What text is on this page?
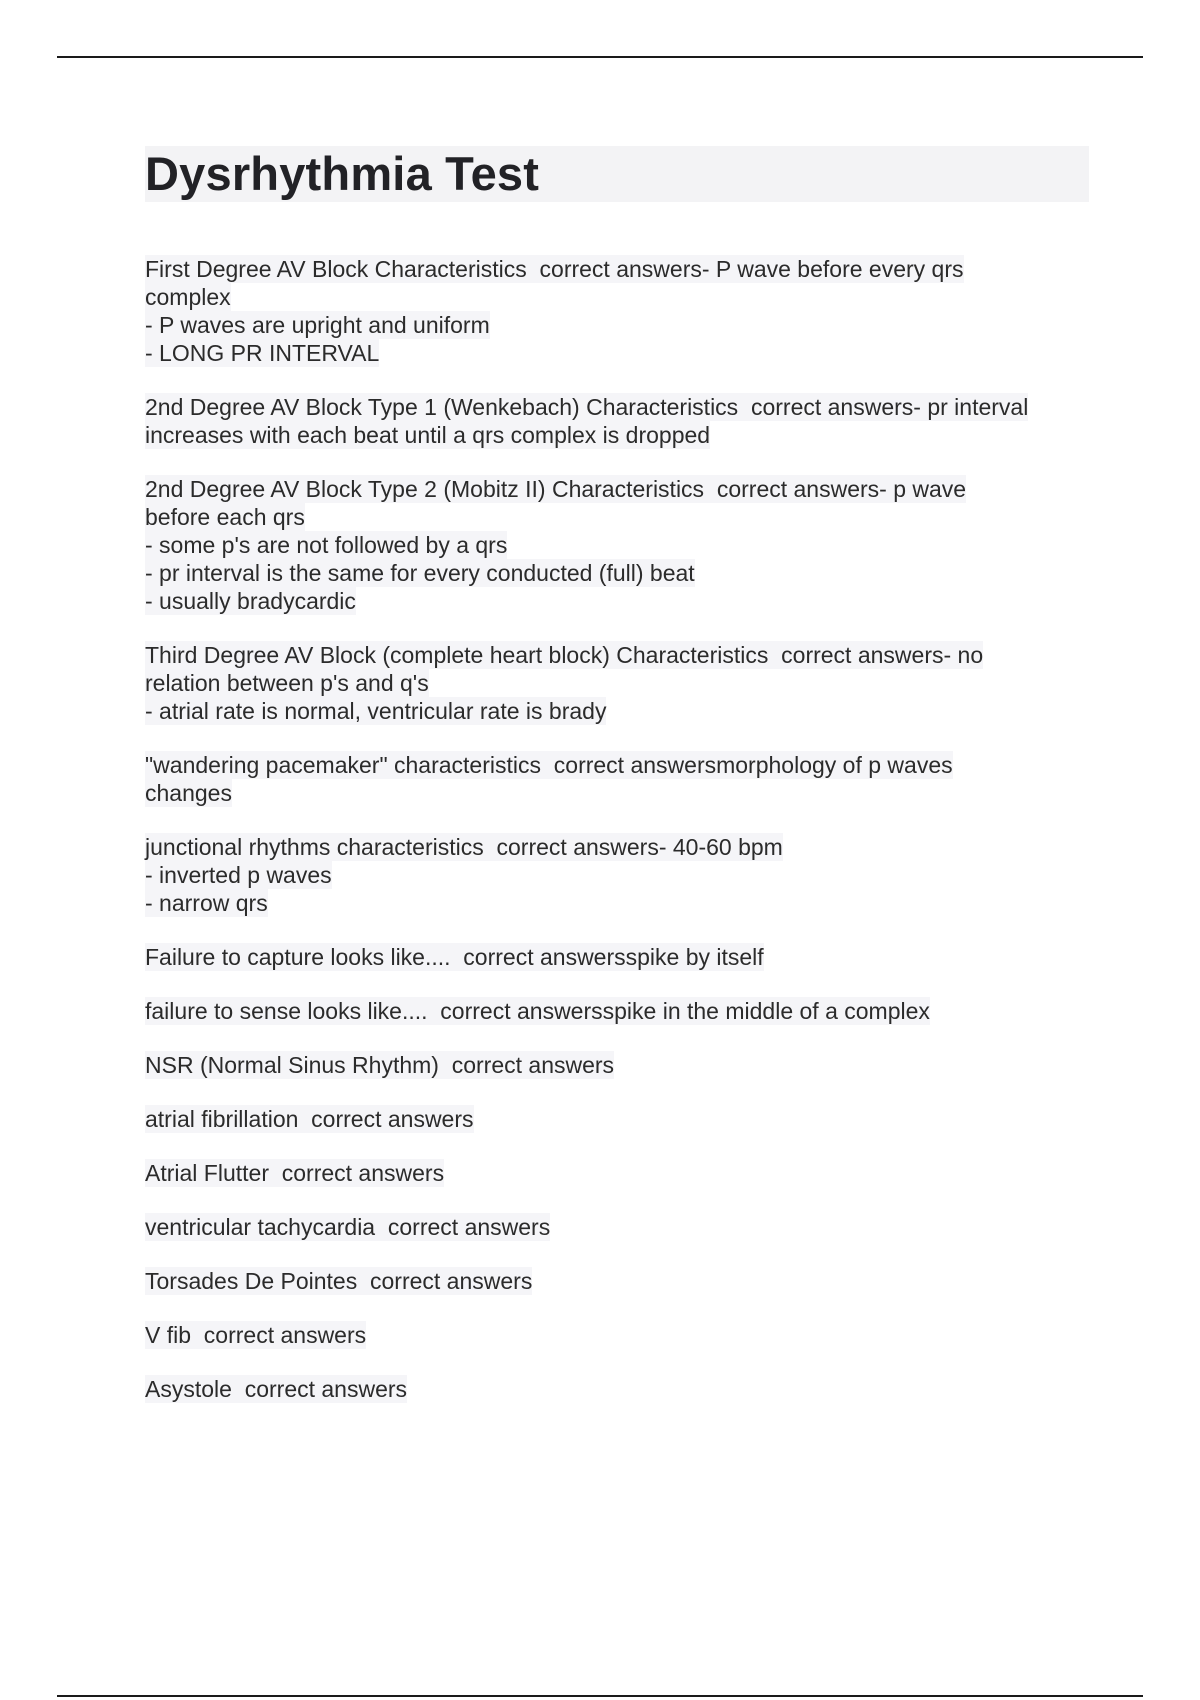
Dysrhythmia Test
First Degree AV Block Characteristics  correct answers- P wave before every qrs
complex
- P waves are upright and uniform
- LONG PR INTERVAL
2nd Degree AV Block Type 1 (Wenkebach) Characteristics  correct answers- pr interval
increases with each beat until a qrs complex is dropped
2nd Degree AV Block Type 2 (Mobitz II) Characteristics  correct answers- p wave
before each qrs
- some p's are not followed by a qrs
- pr interval is the same for every conducted (full) beat
- usually bradycardic
Third Degree AV Block (complete heart block) Characteristics  correct answers- no
relation between p's and q's
- atrial rate is normal, ventricular rate is brady
"wandering pacemaker" characteristics  correct answersmorphology of p waves
changes
junctional rhythms characteristics  correct answers- 40-60 bpm
- inverted p waves
- narrow qrs
Failure to capture looks like....  correct answersspike by itself
failure to sense looks like....  correct answersspike in the middle of a complex
NSR (Normal Sinus Rhythm)  correct answers
atrial fibrillation  correct answers
Atrial Flutter  correct answers
ventricular tachycardia  correct answers
Torsades De Pointes  correct answers
V fib  correct answers
Asystole  correct answers
